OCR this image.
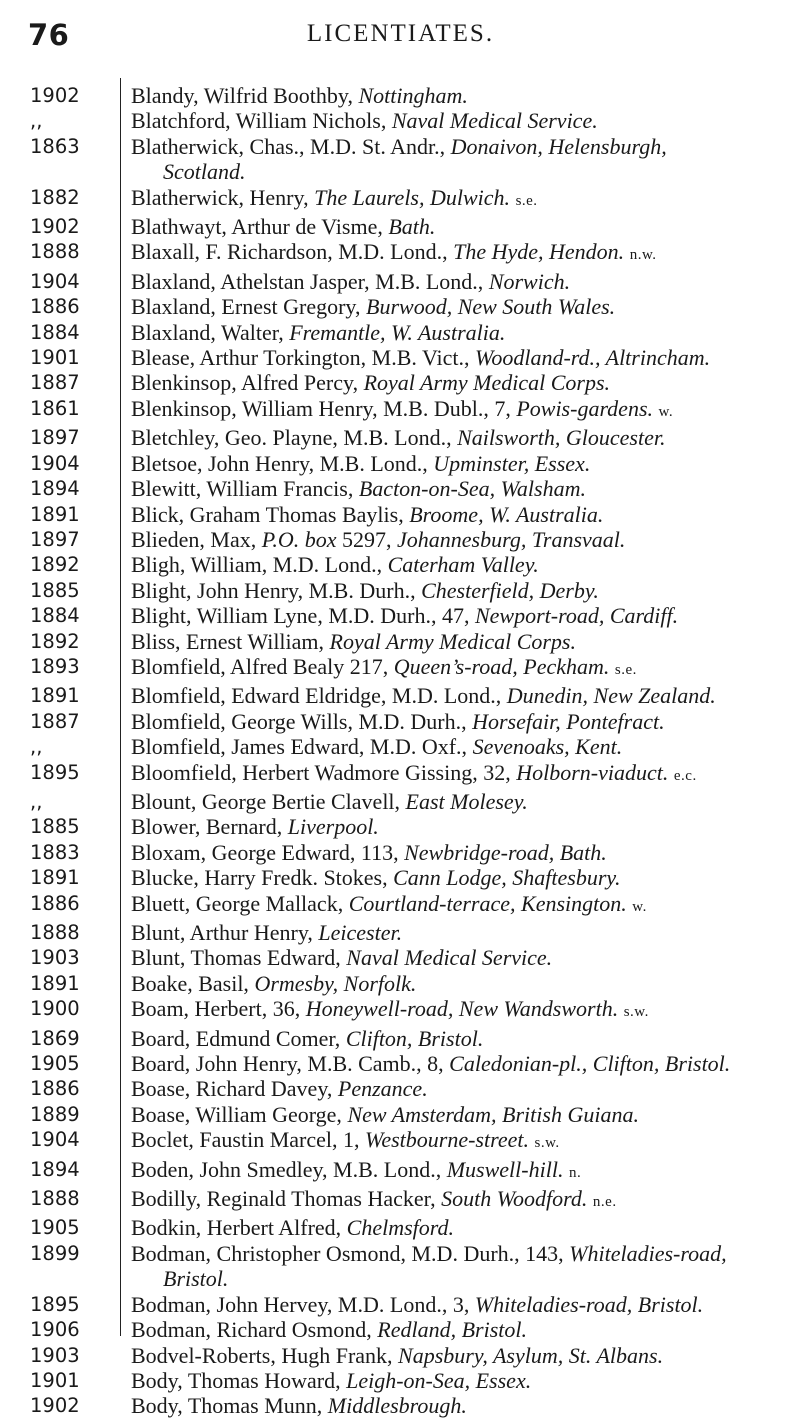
76	LICENTIATES.
1902	Blandy, Wilfrid Boothby, Nottingham.
,,	Blatchford, William Nichols, Naval Medical Service.
1863	Blatherwick, Chas., M.D. St. Andr., Donaivon, Helensburgh,
Scotland.
1882	Blatherwick, Henry, The Laurels, Dulwich. s.e.
1902	Blathwayt, Arthur de Visme, Bath.
1888	Blaxall, F. Richardson, M.D. Lond., The Hyde, Hendon. n.w.
1904	Blaxland, Athelstan Jasper, M.B. Lond., Norwich.
1886	Blaxland, Ernest Gregory, Burwood, New South Wales.
1884	Blaxland, Walter, Fremantle, W. Australia.
1901	Blease, Arthur Torkington, M.B. Vict., Woodland-rd., Altrincham.
1887	Blenkinsop, Alfred Percy, Royal Army Medical Corps.
1861	Blenkinsop, William Henry, M.B. Dubl., 7, Powis-gardens. w.
1897	Bletchley, Geo. Playne, M.B. Lond., Nailsworth, Gloucester.
1904	Bletsoe, John Henry, M.B. Lond., Upminster, Essex.
1894	Blewitt, William Francis, Bacton-on-Sea, Walsham.
1891	Blick, Graham Thomas Baylis, Broome, W. Australia.
1897	Blieden, Max, P.O. box 5297, Johannesburg, Transvaal.
1892	Bligh, William, M.D. Lond., Caterham Valley.
1885	Blight, John Henry, M.B. Durh., Chesterfield, Derby.
1884	Blight, William Lyne, M.D. Durh., 47, Newport-road, Cardiff.
1892	Bliss, Ernest William, Royal Army Medical Corps.
1893	Blomfield, Alfred Bealy 217, Queen’s-road, Peckham. s.e.
1891	Blomfield, Edward Eldridge, M.D. Lond., Dunedin, New Zealand.
1887	Blomfield, George Wills, M.D. Durh., Horsefair, Pontefract.
,,	Blomfield, James Edward, M.D. Oxf., Sevenoaks, Kent.
1895	Bloomfield, Herbert Wadmore Gissing, 32, Holborn-viaduct. e.c.
,,	Blount, George Bertie Clavell, East Molesey.
1885	Blower, Bernard, Liverpool.
1883	Bloxam, George Edward, 113, Newbridge-road, Bath.
1891	Blucke, Harry Fredk. Stokes, Cann Lodge, Shaftesbury.
1886	Bluett, George Mallack, Courtland-terrace, Kensington. w.
1888	Blunt, Arthur Henry, Leicester.
1903	Blunt, Thomas Edward, Naval Medical Service.
1891	Boake, Basil, Ormesby, Norfolk.
1900	Boam, Herbert, 36, Honeywell-road, New Wandsworth. s.w.
1869	Board, Edmund Comer, Clifton, Bristol.
1905	Board, John Henry, M.B. Camb., 8, Caledonian-pl., Clifton, Bristol.
1886	Boase, Richard Davey, Penzance.
1889	Boase, William George, New Amsterdam, British Guiana.
1904	Boclet, Faustin Marcel, 1, Westbourne-street. s.w.
1894	Boden, John Smedley, M.B. Lond., Muswell-hill. n.
1888	Bodilly, Reginald Thomas Hacker, South Woodford. n.e.
1905	Bodkin, Herbert Alfred, Chelmsford.
1899	Bodman, Christopher Osmond, M.D. Durh., 143, Whiteladies-road,
Bristol.
1895	Bodman, John Hervey, M.D. Lond., 3, Whiteladies-road, Bristol.
1906	Bodman, Richard Osmond, Redland, Bristol.
1903	Bodvel-Roberts, Hugh Frank, Napsbury, Asylum, St. Albans.
1901	Body, Thomas Howard, Leigh-on-Sea, Essex.
1902	Body, Thomas Munn, Middlesbrough.
